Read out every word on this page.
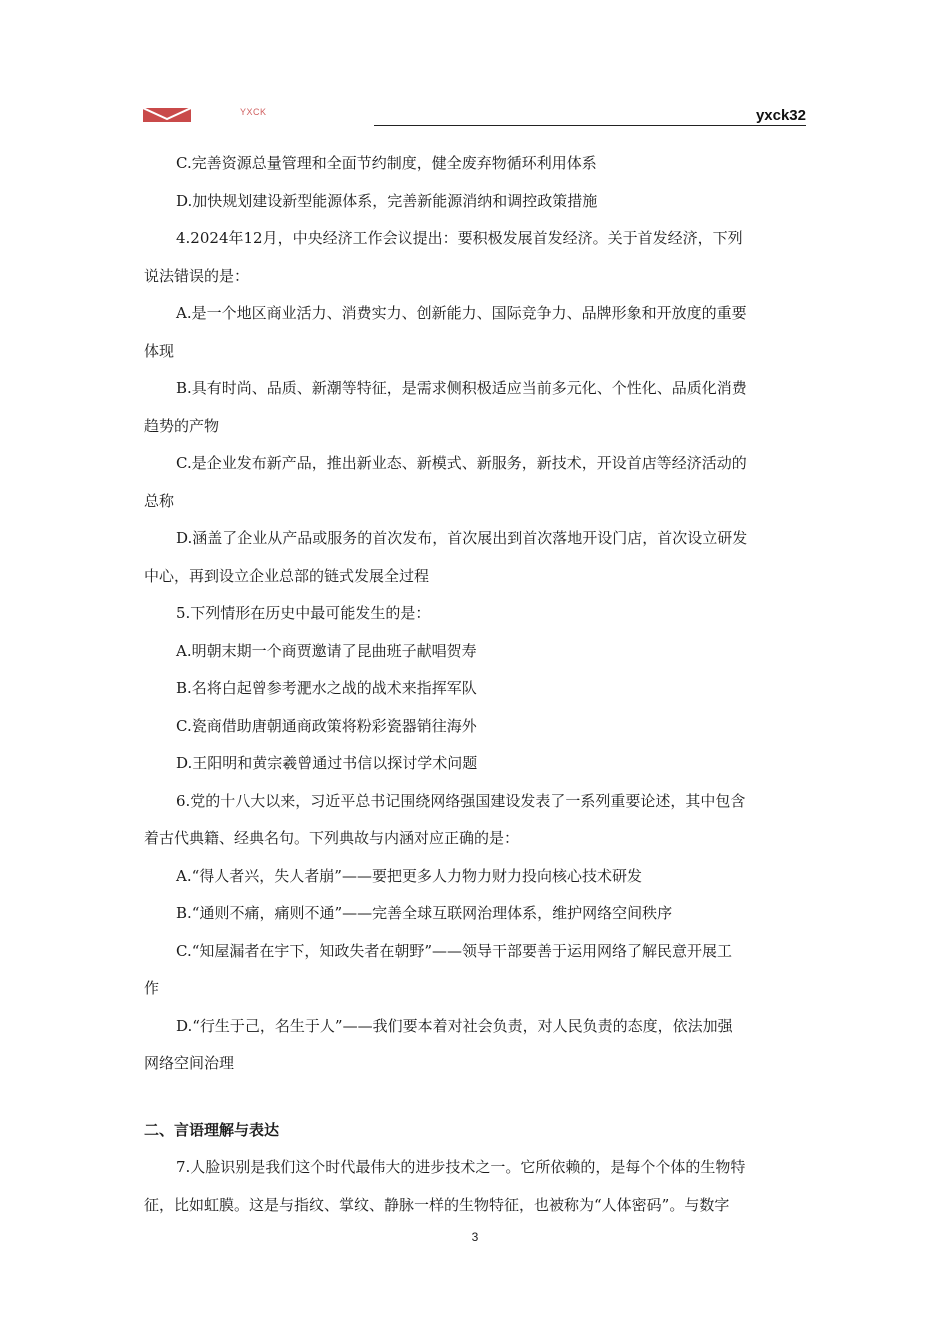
YXCK	yxck32

C.完善资源总量管理和全面节约制度，健全废弃物循环利用体系

D.加快规划建设新型能源体系，完善新能源消纳和调控政策措施

4.2024年12月，中央经济工作会议提出：要积极发展首发经济。关于首发经济，下列

说法错误的是：

A.是一个地区商业活力、消费实力、创新能力、国际竞争力、品牌形象和开放度的重要

体现

B.具有时尚、品质、新潮等特征，是需求侧积极适应当前多元化、个性化、品质化消费

趋势的产物

C.是企业发布新产品，推出新业态、新模式、新服务，新技术，开设首店等经济活动的

总称

D.涵盖了企业从产品或服务的首次发布，首次展出到首次落地开设门店，首次设立研发

中心，再到设立企业总部的链式发展全过程

5.下列情形在历史中最可能发生的是：

A.明朝末期一个商贾邀请了昆曲班子献唱贺寿

B.名将白起曾参考淝水之战的战术来指挥军队

C.瓷商借助唐朝通商政策将粉彩瓷器销往海外

D.王阳明和黄宗羲曾通过书信以探讨学术问题

6.党的十八大以来，习近平总书记围绕网络强国建设发表了一系列重要论述，其中包含

着古代典籍、经典名句。下列典故与内涵对应正确的是：

A.“得人者兴，失人者崩”——要把更多人力物力财力投向核心技术研发

B.“通则不痛，痛则不通”——完善全球互联网治理体系，维护网络空间秩序

C.“知屋漏者在宇下，知政失者在朝野”——领导干部要善于运用网络了解民意开展工

作

D.“行生于己，名生于人”——我们要本着对社会负责，对人民负责的态度，依法加强

网络空间治理

二、言语理解与表达

7.人脸识别是我们这个时代最伟大的进步技术之一。它所依赖的，是每个个体的生物特

征，比如虹膜。这是与指纹、掌纹、静脉一样的生物特征，也被称为“人体密码”。与数字

3
